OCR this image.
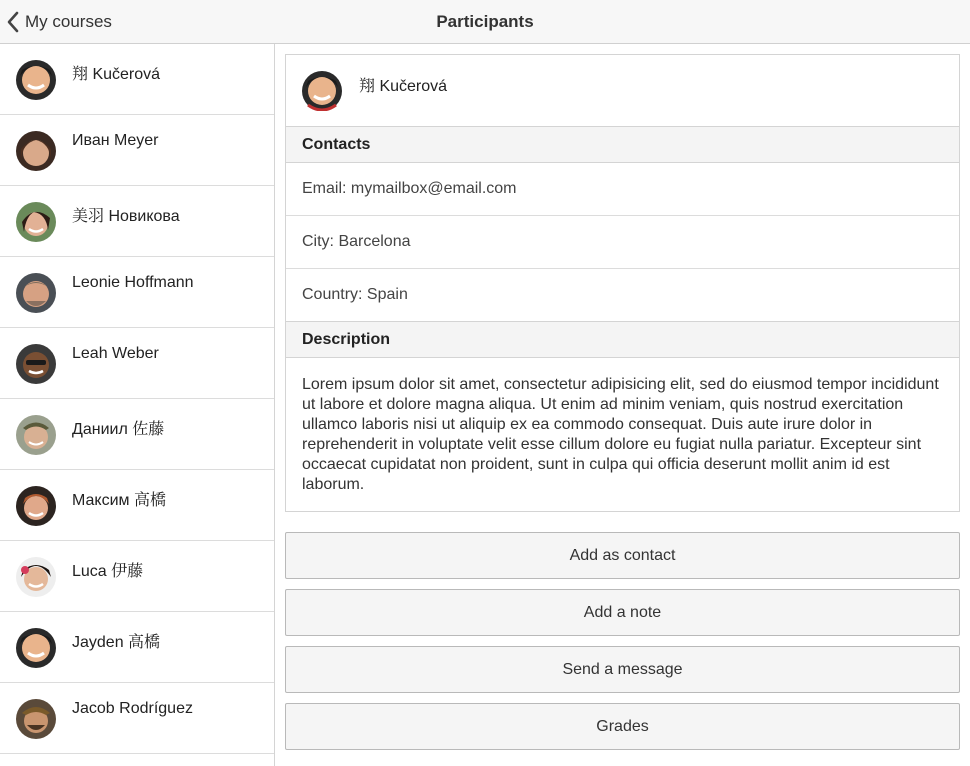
My courses	Participants
翔 Kučerová
Иван Meyer
美羽 Новикова
Leonie Hoffmann
Leah Weber
Даниил 佐藤
Максим 高橋
Luca 伊藤
Jayden 高橋
Jacob Rodríguez
翔 Kučerová
Contacts
Email: mymailbox@email.com
City: Barcelona
Country: Spain
Description
Lorem ipsum dolor sit amet, consectetur adipisicing elit, sed do eiusmod tempor incididunt ut labore et dolore magna aliqua. Ut enim ad minim veniam, quis nostrud exercitation ullamco laboris nisi ut aliquip ex ea commodo consequat. Duis aute irure dolor in reprehenderit in voluptate velit esse cillum dolore eu fugiat nulla pariatur. Excepteur sint occaecat cupidatat non proident, sunt in culpa qui officia deserunt mollit anim id est laborum.
Add as contact
Add a note
Send a message
Grades
